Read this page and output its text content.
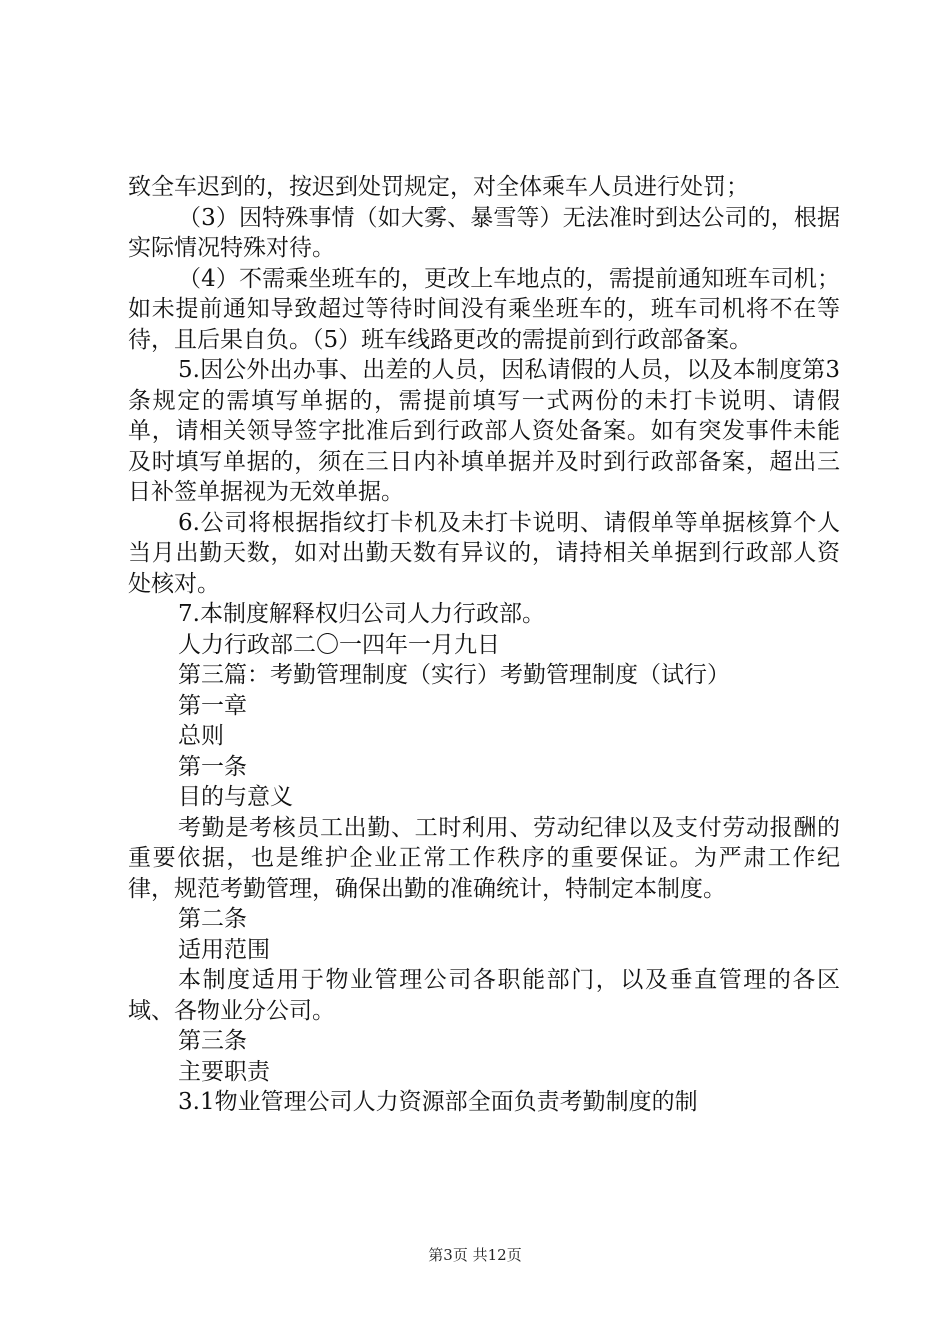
致全车迟到的，按迟到处罚规定，对全体乘车人员进行处罚；

（3）因特殊事情（如大雾、暴雪等）无法准时到达公司的，根据实际情况特殊对待。

（4）不需乘坐班车的，更改上车地点的，需提前通知班车司机；如未提前通知导致超过等待时间没有乘坐班车的，班车司机将不在等待，且后果自负。（5）班车线路更改的需提前到行政部备案。

5.因公外出办事、出差的人员，因私请假的人员，以及本制度第3条规定的需填写单据的，需提前填写一式两份的未打卡说明、请假单，请相关领导签字批准后到行政部人资处备案。如有突发事件未能及时填写单据的，须在三日内补填单据并及时到行政部备案，超出三日补签单据视为无效单据。

6.公司将根据指纹打卡机及未打卡说明、请假单等单据核算个人当月出勤天数，如对出勤天数有异议的，请持相关单据到行政部人资处核对。

7.本制度解释权归公司人力行政部。

人力行政部二〇一四年一月九日

第三篇：考勤管理制度（实行）考勤管理制度（试行）

第一章

总则

第一条

目的与意义

考勤是考核员工出勤、工时利用、劳动纪律以及支付劳动报酬的重要依据，也是维护企业正常工作秩序的重要保证。为严肃工作纪律，规范考勤管理，确保出勤的准确统计，特制定本制度。

第二条

适用范围

本制度适用于物业管理公司各职能部门，以及垂直管理的各区域、各物业分公司。

第三条

主要职责

3.1物业管理公司人力资源部全面负责考勤制度的制

第3页 共12页
